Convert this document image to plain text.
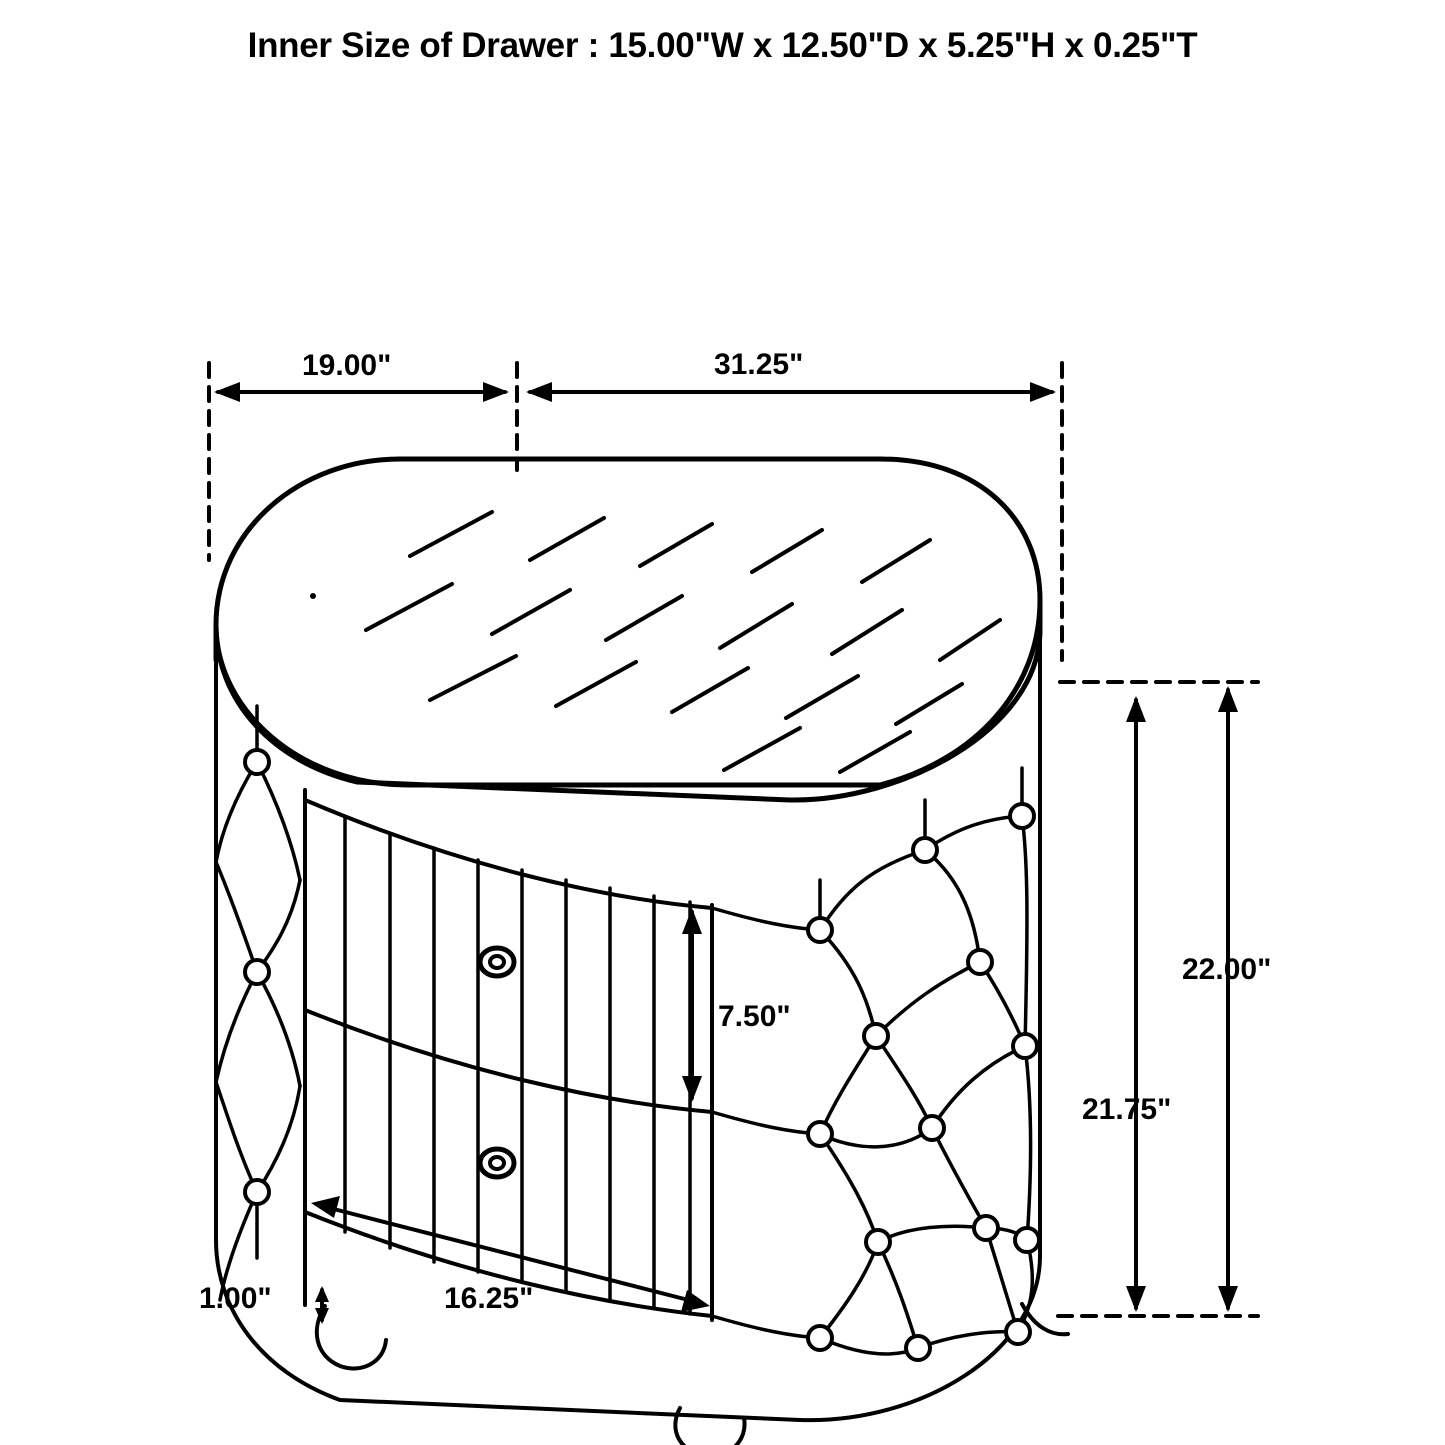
Inner Size of Drawer : 15.00"W x 12.50"D x 5.25"H x 0.25"T
19.00"	31.25"
7.50"
16.25"
1.00"
21.75"
22.00"
